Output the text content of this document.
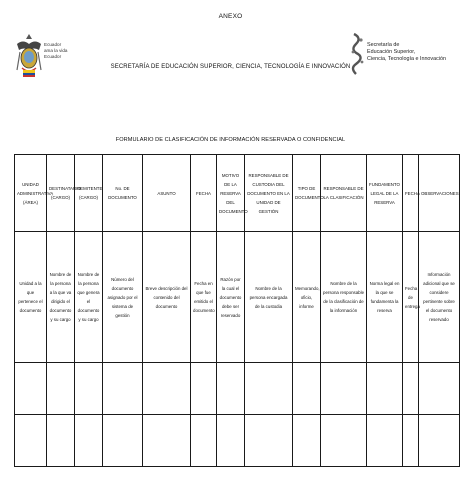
ANEXO
Ecuador
ama la vida
Ecuador
Secretaría de
Educación Superior,
Ciencia, Tecnología e Innovación
SECRETARÍA DE EDUCACIÓN SUPERIOR, CIENCIA, TECNOLOGÍA E INNOVACIÓN
FORMULARIO DE CLASIFICACIÓN DE INFORMACIÓN RESERVADA O CONFIDENCIAL
UNIDAD ADMINISTRATIVA (ÁREA)	DESTINATARIO (CARGO)	REMITENTE (CARGO)	No. DE DOCUMENTO	ASUNTO	FECHA	MOTIVO DE LA RESERVA DEL DOCUMENTO	RESPONSABLE DE CUSTODIA DEL DOCUMENTO EN LA UNIDAD DE GESTIÓN	TIPO DE DOCUMENTO	RESPONSABLE DE LA CLASIFICACIÓN	FUNDAMENTO LEGAL DE LA RESERVA	FECHA	OBSERVACIONES
Unidad a la que pertenece el documento	Nombre de la persona a la que va dirigido el documento y su cargo	Nombre de la persona que genera el documento y su cargo	Número del documento asignado por el sistema de gestión	Breve descripción del contenido del documento	Fecha en que fue emitido el documento	Razón por la cual el documento debe ser reservado	Nombre de la persona encargada de la custodia	Memorando, oficio, informe	Nombre de la persona responsable de la clasificación de la información	Norma legal en la que se fundamenta la reserva	Fecha de entrega	Información adicional que se considere pertinente sobre el documento reservado
